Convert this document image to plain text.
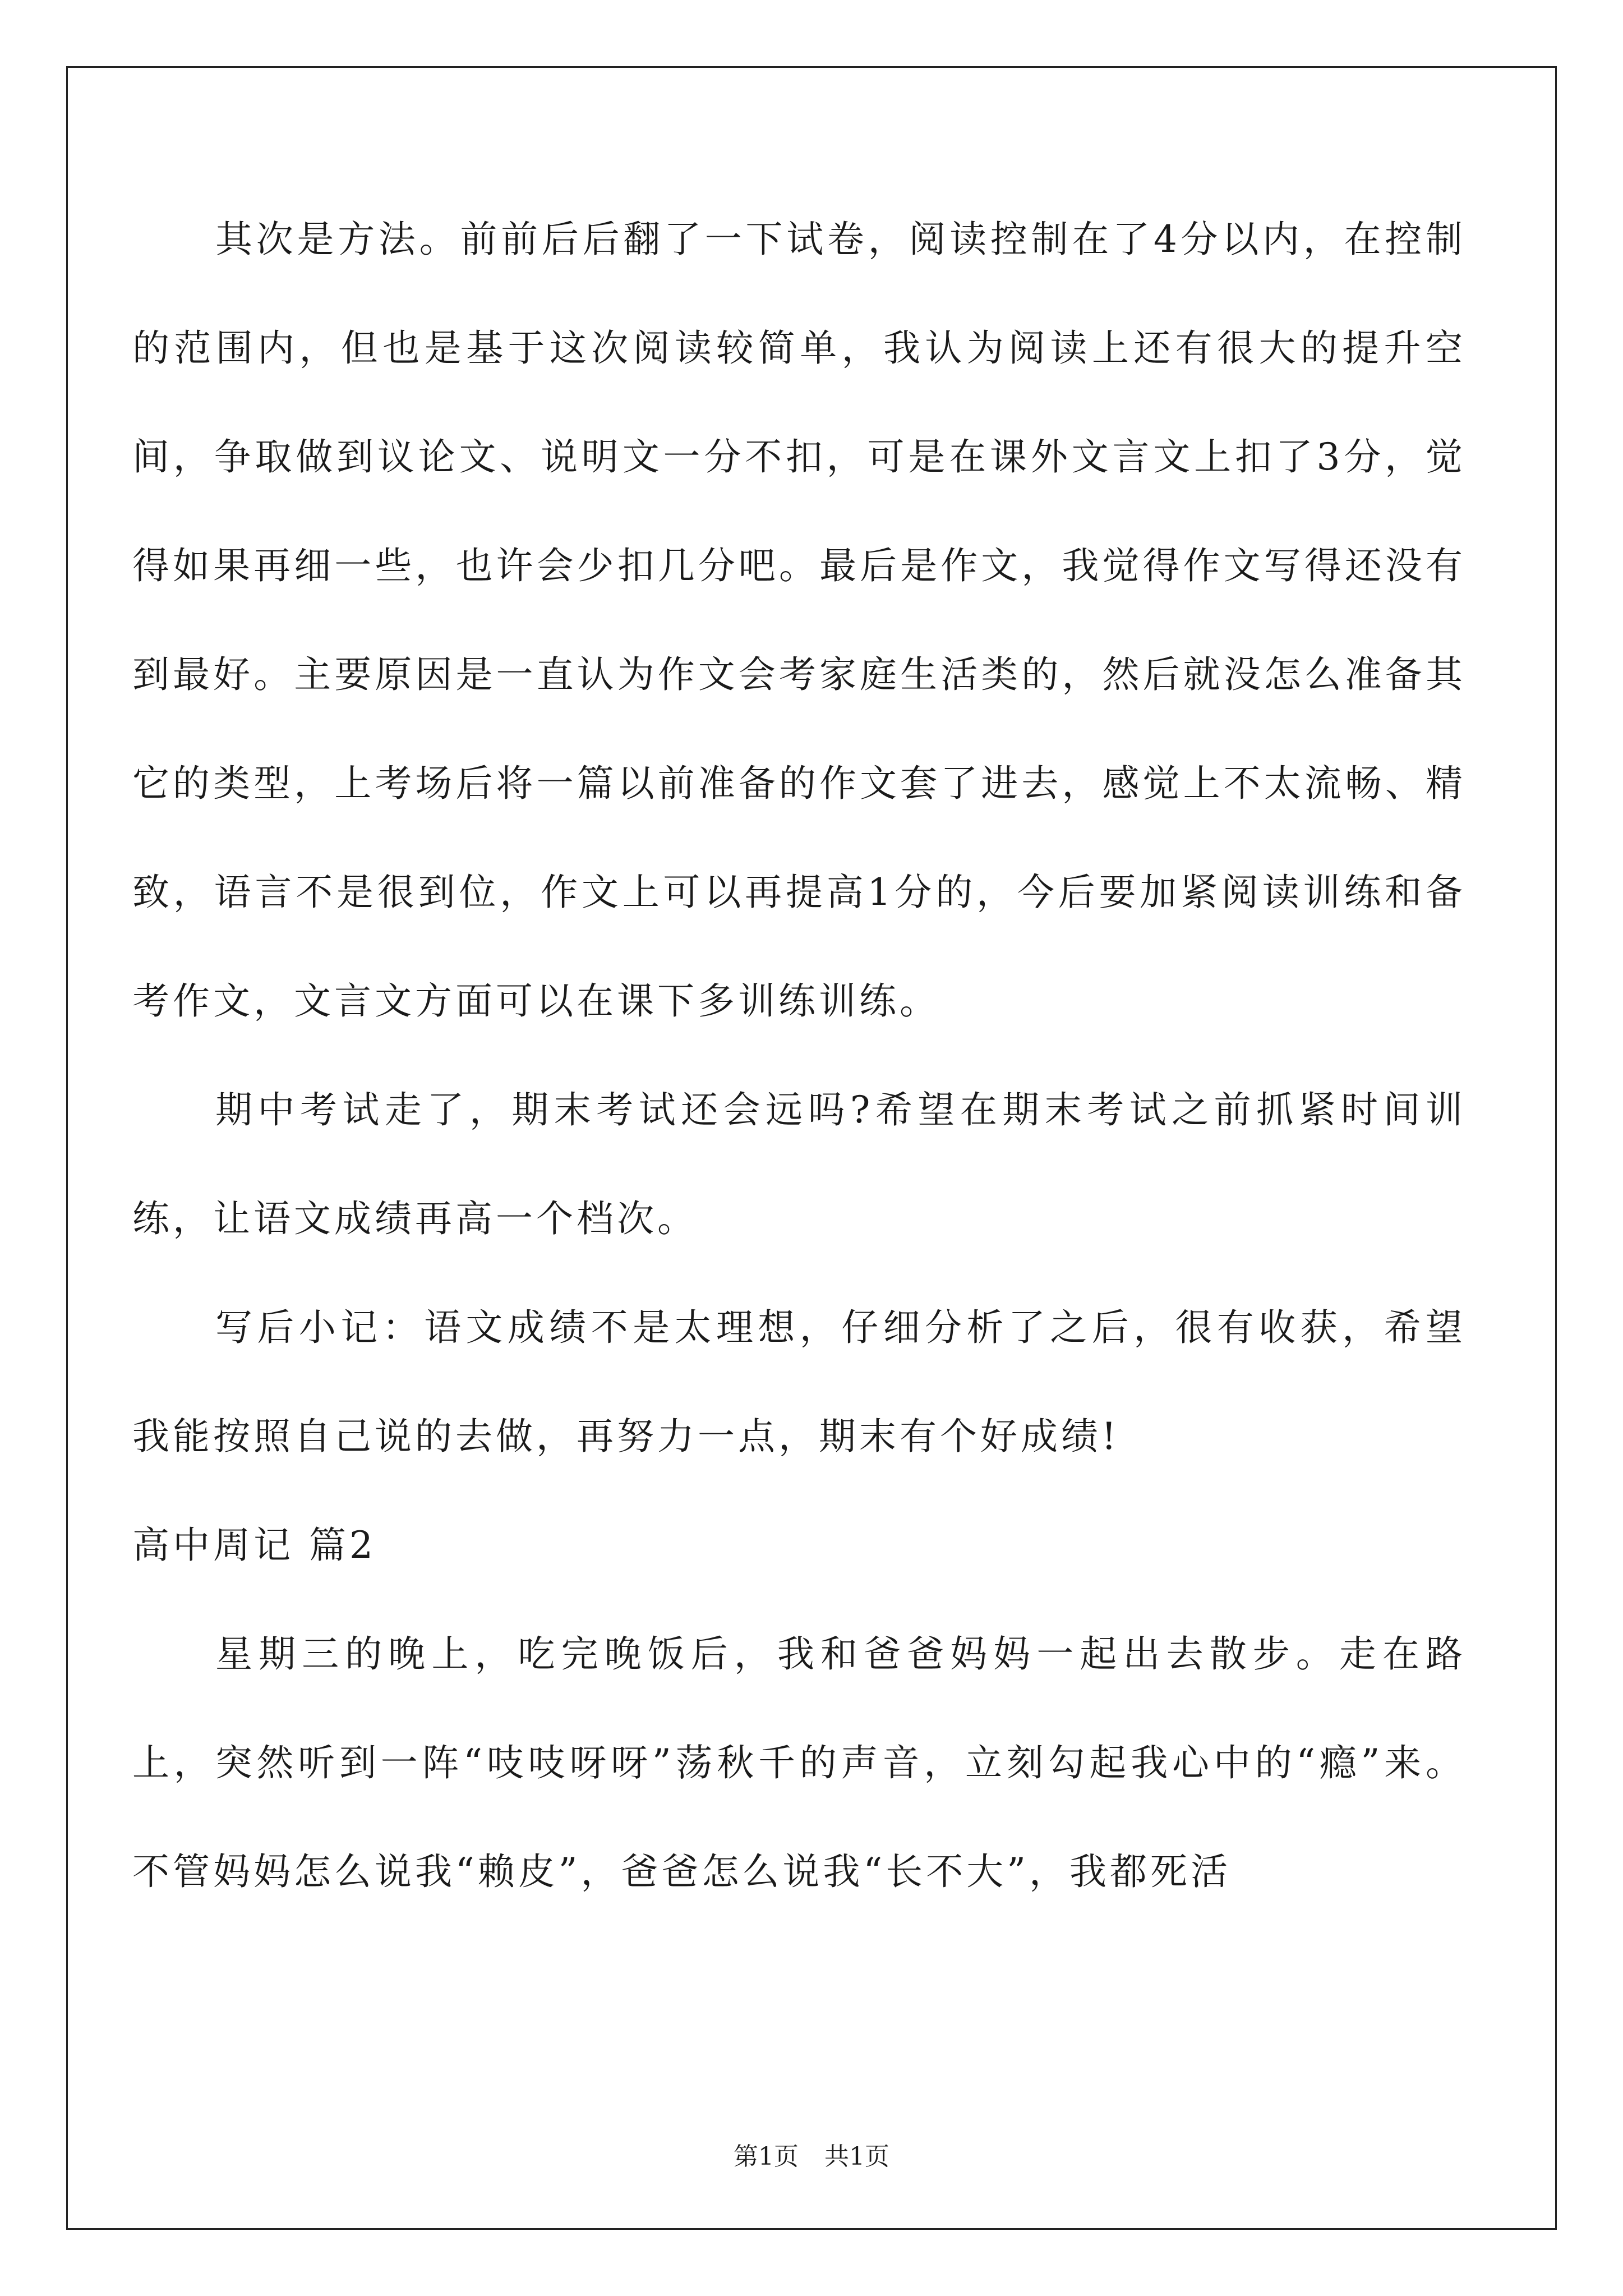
其次是方法。前前后后翻了一下试卷，阅读控制在了4分以内，在控制的范围内，但也是基于这次阅读较简单，我认为阅读上还有很大的提升空间，争取做到议论文、说明文一分不扣，可是在课外文言文上扣了3分，觉得如果再细一些，也许会少扣几分吧。最后是作文，我觉得作文写得还没有到最好。主要原因是一直认为作文会考家庭生活类的，然后就没怎么准备其它的类型，上考场后将一篇以前准备的作文套了进去，感觉上不太流畅、精致，语言不是很到位，作文上可以再提高1分的，今后要加紧阅读训练和备考作文，文言文方面可以在课下多训练训练。

期中考试走了，期末考试还会远吗?希望在期末考试之前抓紧时间训练，让语文成绩再高一个档次。

写后小记：语文成绩不是太理想，仔细分析了之后，很有收获，希望我能按照自己说的去做，再努力一点，期末有个好成绩!

高中周记 篇2

星期三的晚上，吃完晚饭后，我和爸爸妈妈一起出去散步。走在路上，突然听到一阵“吱吱呀呀”荡秋千的声音，立刻勾起我心中的“瘾”来。不管妈妈怎么说我“赖皮”，爸爸怎么说我“长不大”，我都死活

第1页 共1页
